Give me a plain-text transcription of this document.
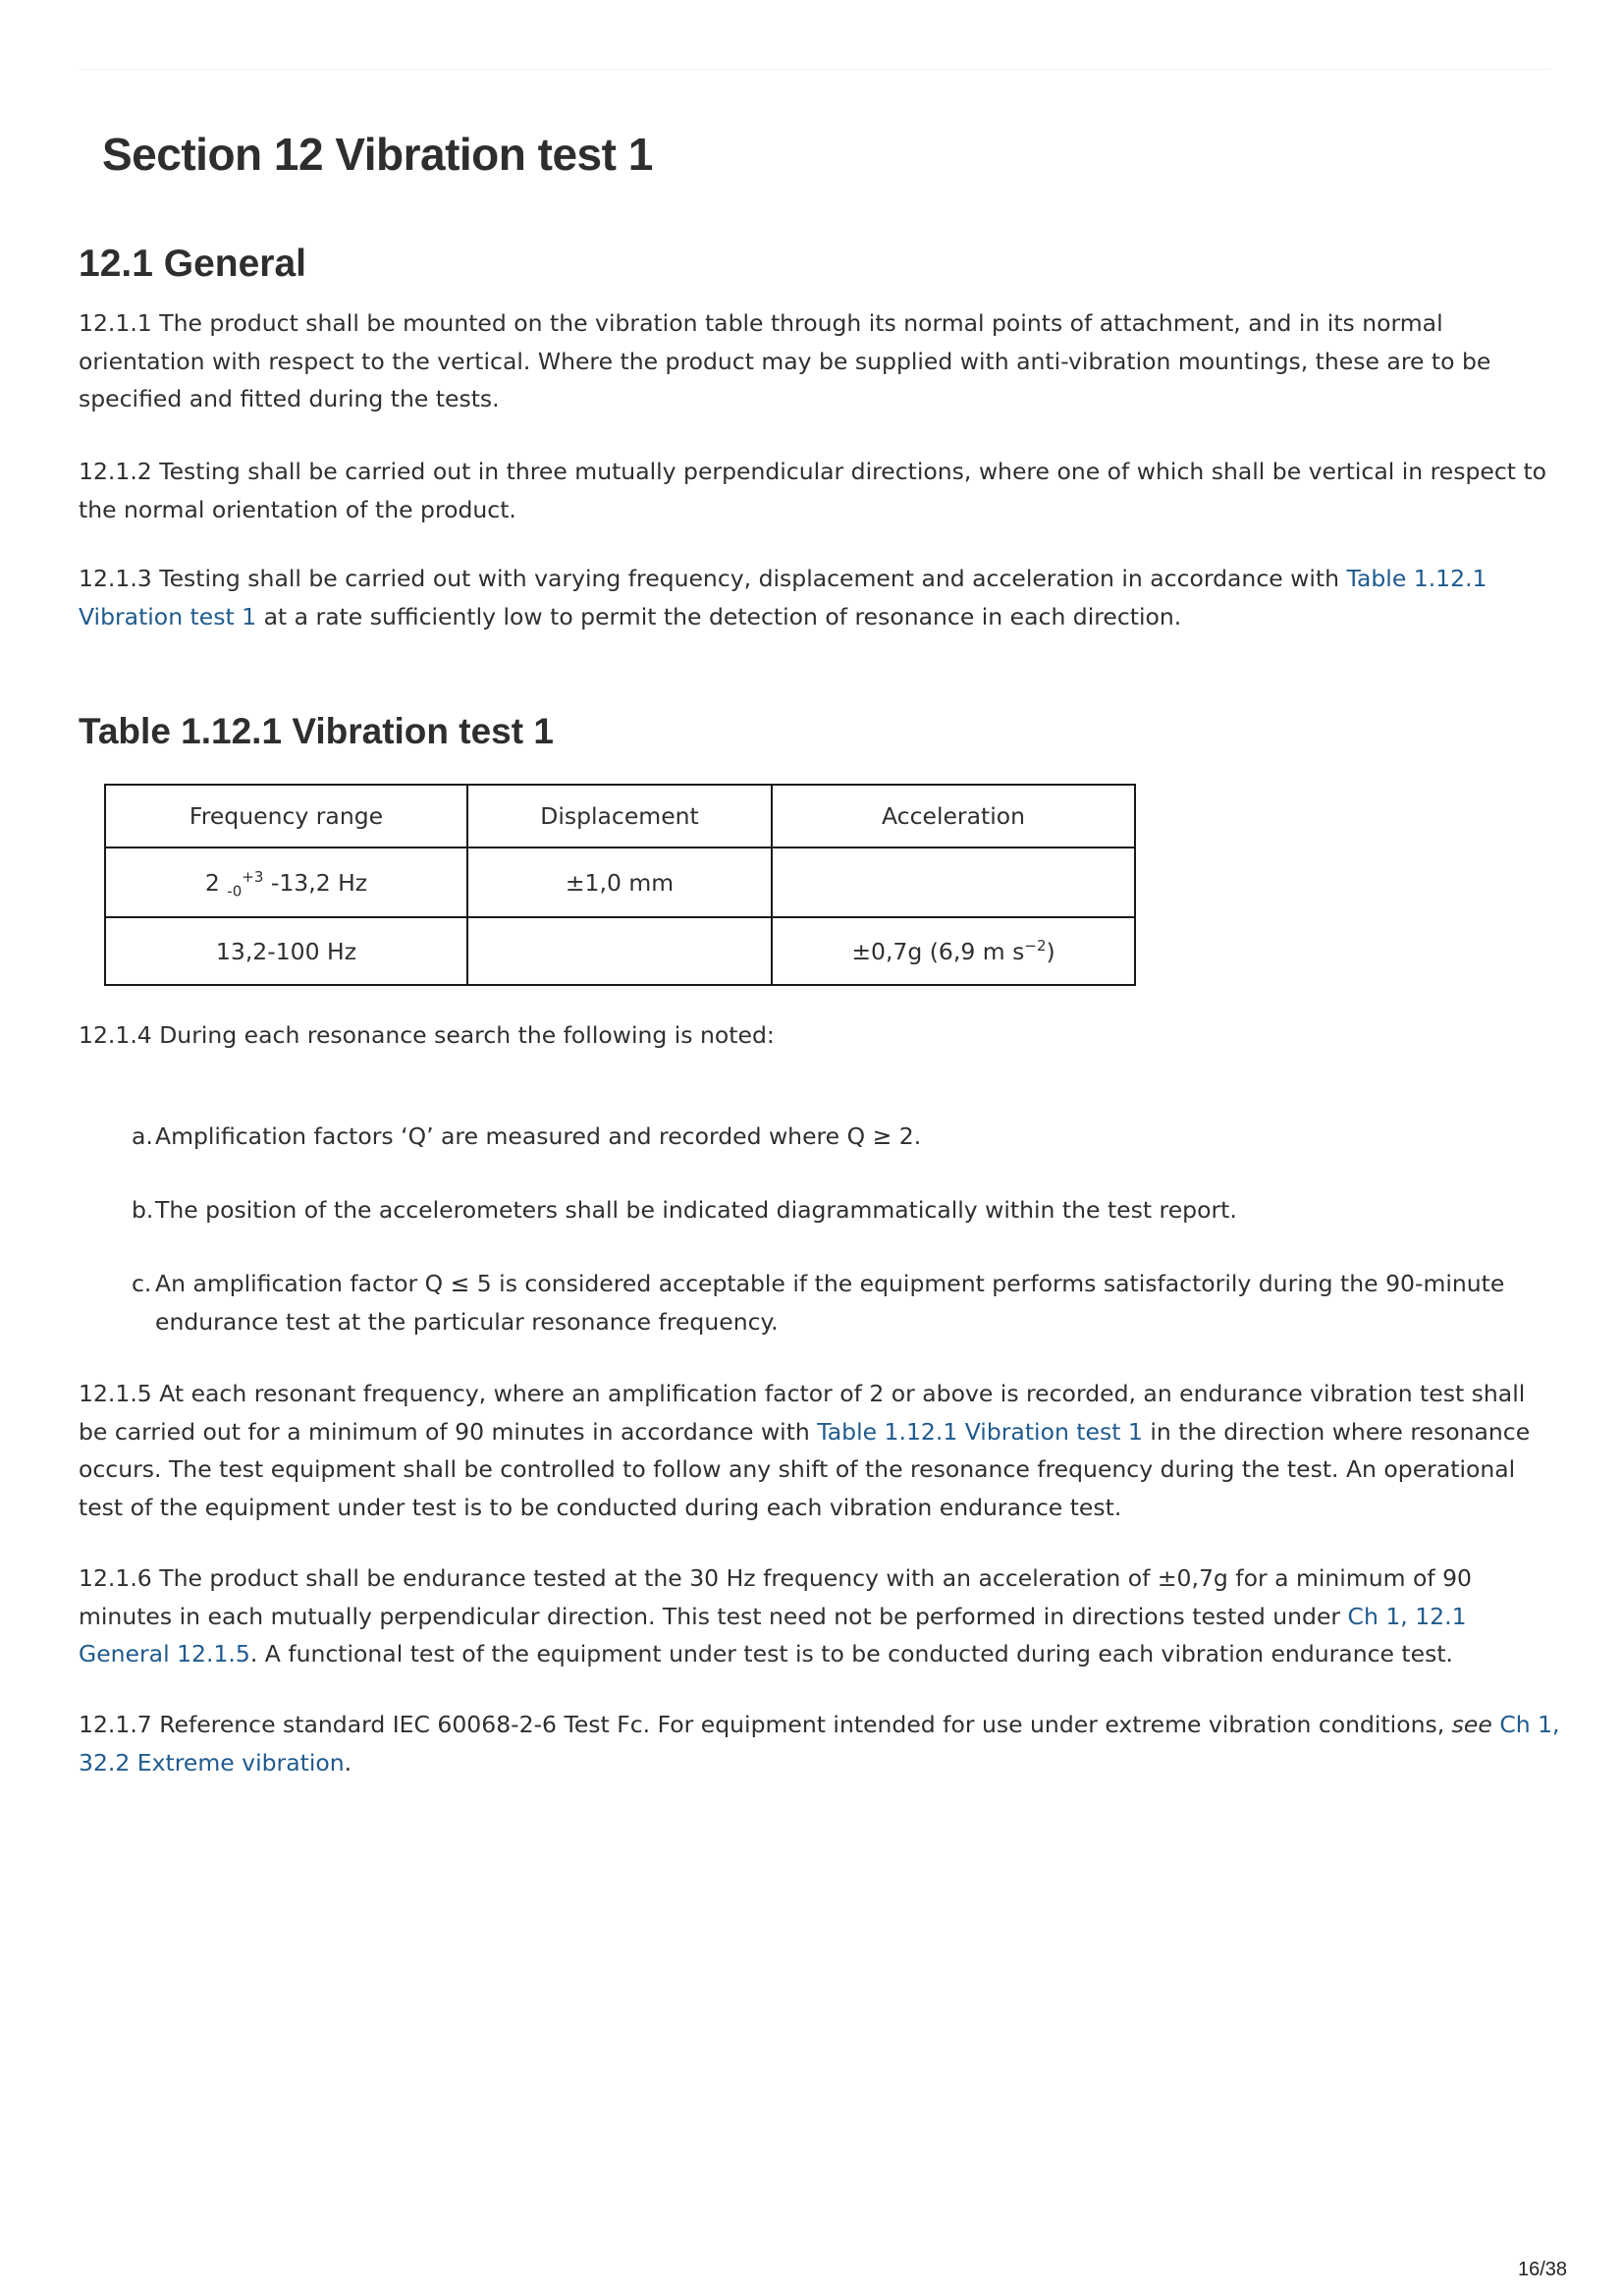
Section 12 Vibration test 1
12.1 General

12.1.1 The product shall be mounted on the vibration table through its normal points of attachment, and in its normal orientation with respect to the vertical. Where the product may be supplied with anti-vibration mountings, these are to be specified and fitted during the tests.

12.1.2 Testing shall be carried out in three mutually perpendicular directions, where one of which shall be vertical in respect to the normal orientation of the product.

12.1.3 Testing shall be carried out with varying frequency, displacement and acceleration in accordance with Table 1.12.1 Vibration test 1 at a rate sufficiently low to permit the detection of resonance in each direction.

Table 1.12.1 Vibration test 1
Frequency range	Displacement	Acceleration
2 $_{-0}^{+3}$ -13,2 Hz	±1,0 mm	
13,2-100 Hz		±0,7g (6,9 m $s^{-2}$)

12.1.4 During each resonance search the following is noted:

a. Amplification factors ‘Q’ are measured and recorded where Q ≥ 2.
b. The position of the accelerometers shall be indicated diagrammatically within the test report.
c. An amplification factor Q ≤ 5 is considered acceptable if the equipment performs satisfactorily during the 90-minute endurance test at the particular resonance frequency.

12.1.5 At each resonant frequency, where an amplification factor of 2 or above is recorded, an endurance vibration test shall be carried out for a minimum of 90 minutes in accordance with Table 1.12.1 Vibration test 1 in the direction where resonance occurs. The test equipment shall be controlled to follow any shift of the resonance frequency during the test. An operational test of the equipment under test is to be conducted during each vibration endurance test.

12.1.6 The product shall be endurance tested at the 30 Hz frequency with an acceleration of ±0,7g for a minimum of 90 minutes in each mutually perpendicular direction. This test need not be performed in directions tested under Ch 1, 12.1 General 12.1.5. A functional test of the equipment under test is to be conducted during each vibration endurance test.

12.1.7 Reference standard IEC 60068-2-6 Test Fc. For equipment intended for use under extreme vibration conditions, see Ch 1, 32.2 Extreme vibration.

16/38
